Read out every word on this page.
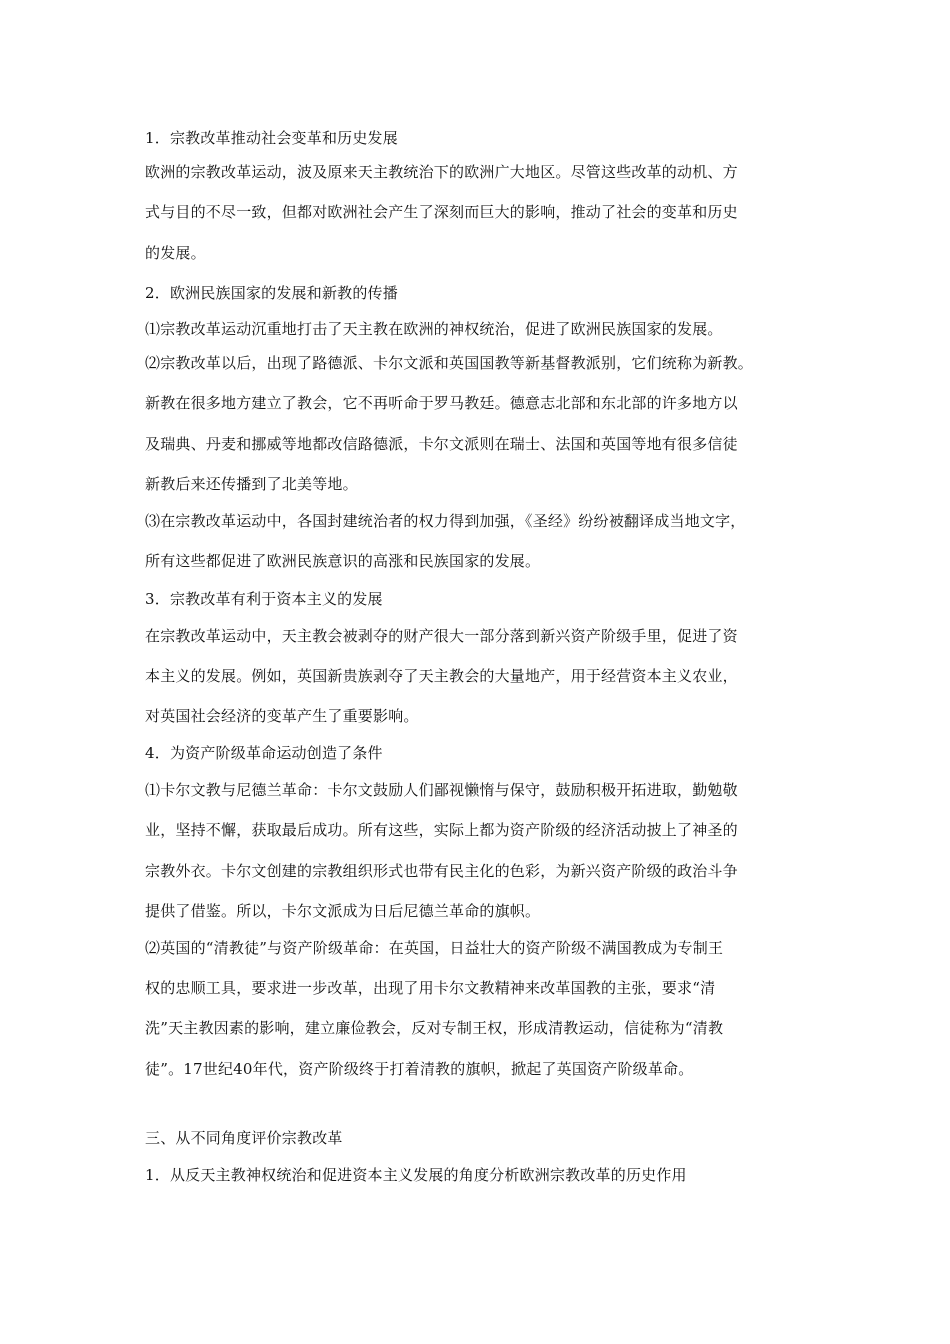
1．宗教改革推动社会变革和历史发展
欧洲的宗教改革运动，波及原来天主教统治下的欧洲广大地区。尽管这些改革的动机、方
式与目的不尽一致，但都对欧洲社会产生了深刻而巨大的影响，推动了社会的变革和历史
的发展。
2．欧洲民族国家的发展和新教的传播
⑴宗教改革运动沉重地打击了天主教在欧洲的神权统治，促进了欧洲民族国家的发展。
⑵宗教改革以后，出现了路德派、卡尔文派和英国国教等新基督教派别，它们统称为新教。
新教在很多地方建立了教会，它不再听命于罗马教廷。德意志北部和东北部的许多地方以
及瑞典、丹麦和挪威等地都改信路德派，卡尔文派则在瑞士、法国和英国等地有很多信徒
新教后来还传播到了北美等地。
⑶在宗教改革运动中，各国封建统治者的权力得到加强，《圣经》纷纷被翻译成当地文字，
所有这些都促进了欧洲民族意识的高涨和民族国家的发展。
3．宗教改革有利于资本主义的发展
在宗教改革运动中，天主教会被剥夺的财产很大一部分落到新兴资产阶级手里，促进了资
本主义的发展。例如，英国新贵族剥夺了天主教会的大量地产，用于经营资本主义农业，
对英国社会经济的变革产生了重要影响。
4．为资产阶级革命运动创造了条件
⑴卡尔文教与尼德兰革命：卡尔文鼓励人们鄙视懒惰与保守，鼓励积极开拓进取，勤勉敬
业，坚持不懈，获取最后成功。所有这些，实际上都为资产阶级的经济活动披上了神圣的
宗教外衣。卡尔文创建的宗教组织形式也带有民主化的色彩，为新兴资产阶级的政治斗争
提供了借鉴。所以，卡尔文派成为日后尼德兰革命的旗帜。
⑵英国的“清教徒”与资产阶级革命：在英国，日益壮大的资产阶级不满国教成为专制王
权的忠顺工具，要求进一步改革，出现了用卡尔文教精神来改革国教的主张，要求“清
洗”天主教因素的影响，建立廉俭教会，反对专制王权，形成清教运动，信徒称为“清教
徒”。17世纪40年代，资产阶级终于打着清教的旗帜，掀起了英国资产阶级革命。
三、从不同角度评价宗教改革
1．从反天主教神权统治和促进资本主义发展的角度分析欧洲宗教改革的历史作用
